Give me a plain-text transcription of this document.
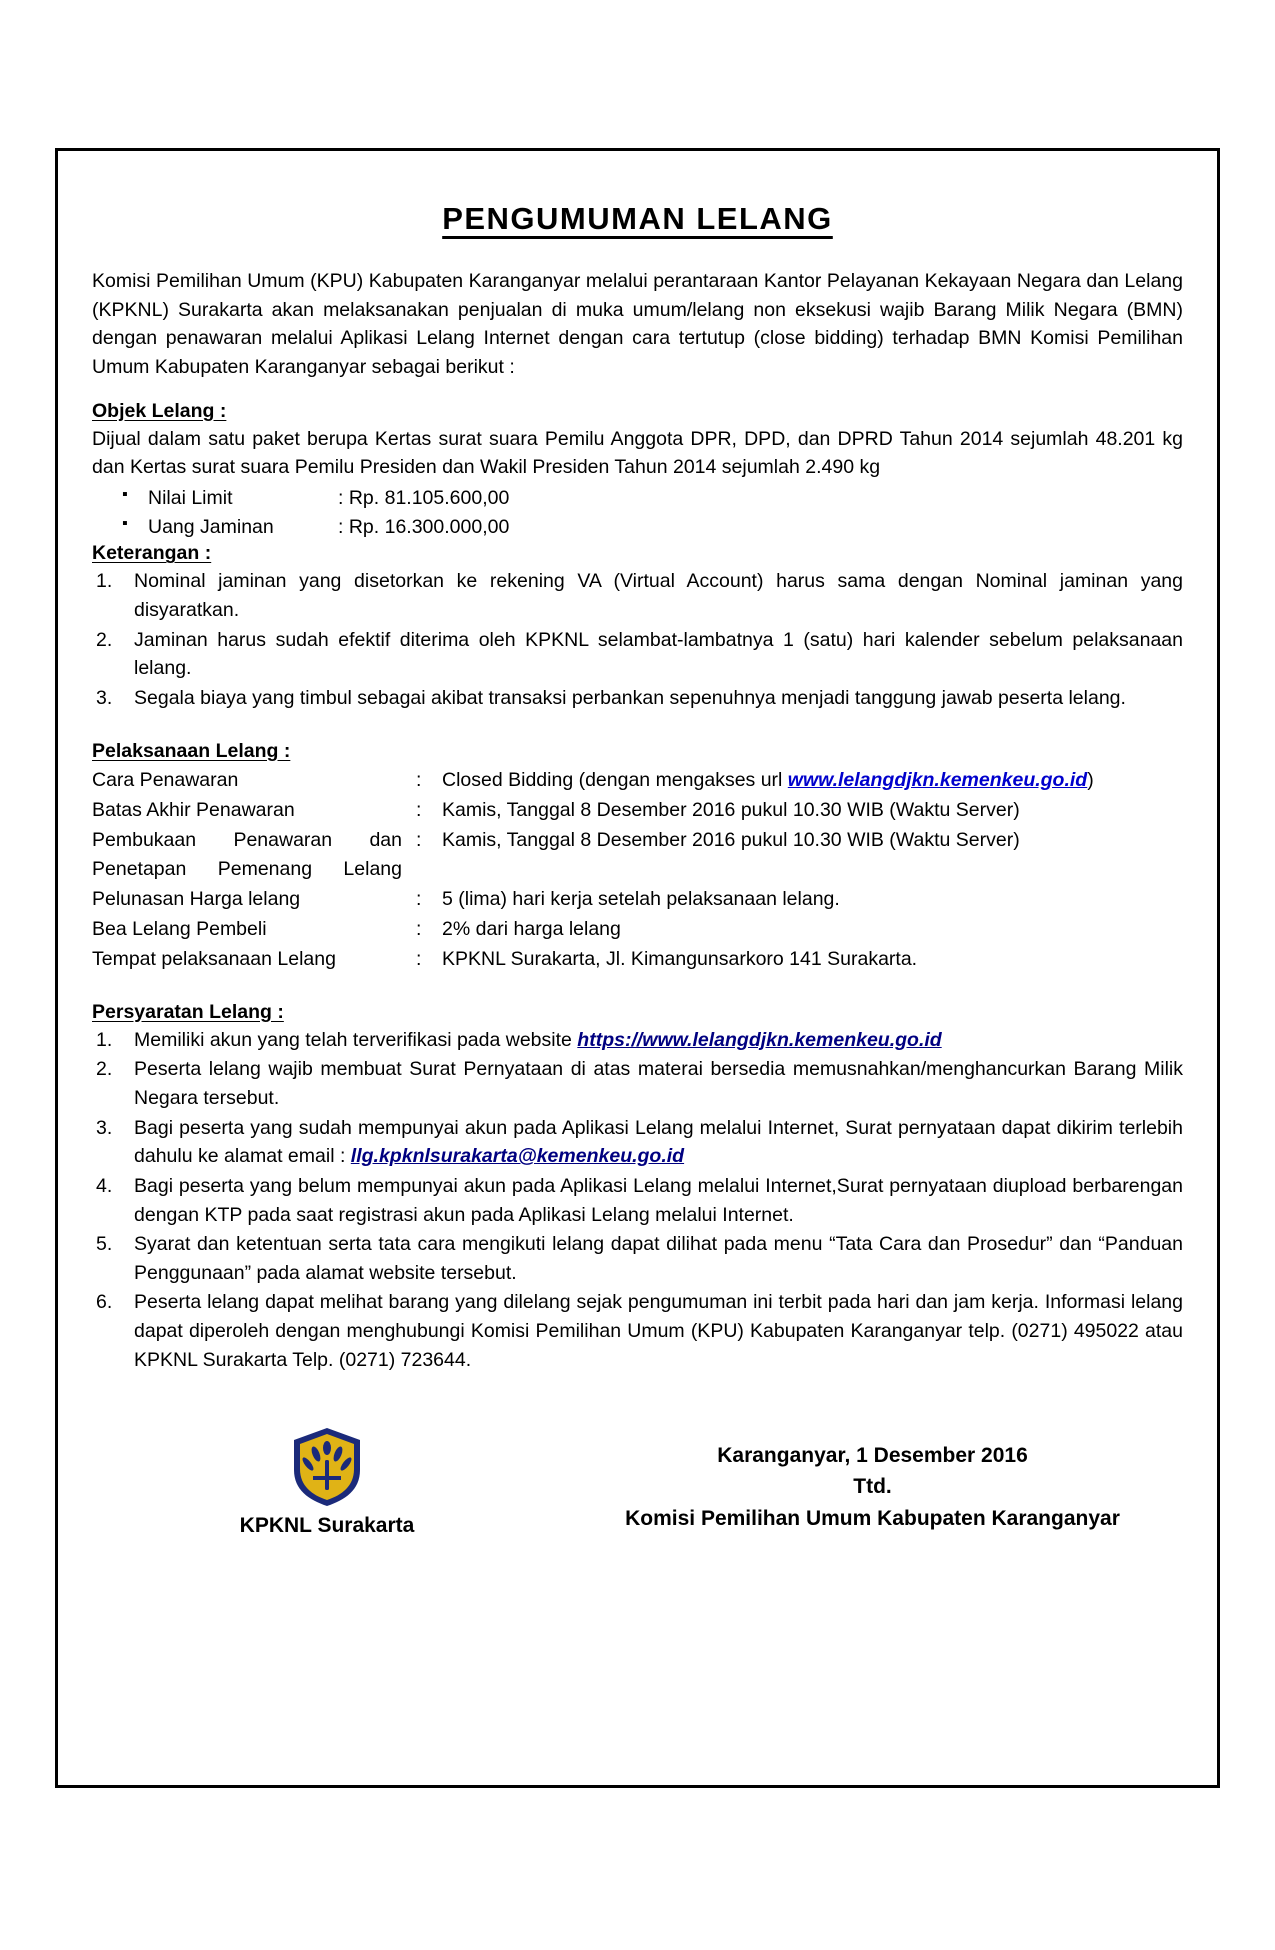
PENGUMUMAN LELANG

Komisi Pemilihan Umum (KPU) Kabupaten Karanganyar melalui perantaraan Kantor Pelayanan Kekayaan Negara dan Lelang (KPKNL) Surakarta akan melaksanakan penjualan di muka umum/lelang non eksekusi wajib Barang Milik Negara (BMN) dengan penawaran melalui Aplikasi Lelang Internet dengan cara tertutup (close bidding) terhadap BMN Komisi Pemilihan Umum Kabupaten Karanganyar sebagai berikut :

Objek Lelang :
Dijual dalam satu paket berupa Kertas surat suara Pemilu Anggota DPR, DPD, dan DPRD Tahun 2014 sejumlah 48.201 kg dan Kertas surat suara Pemilu Presiden dan Wakil Presiden Tahun 2014 sejumlah 2.490 kg
▪ Nilai Limit	: Rp. 81.105.600,00
▪ Uang Jaminan	: Rp. 16.300.000,00
Keterangan :
Nominal jaminan yang disetorkan ke rekening VA (Virtual Account) harus sama dengan Nominal jaminan yang disyaratkan.
Jaminan harus sudah efektif diterima oleh KPKNL selambat-lambatnya 1 (satu) hari kalender sebelum pelaksanaan lelang.
Segala biaya yang timbul sebagai akibat transaksi perbankan sepenuhnya menjadi tanggung jawab peserta lelang.
Pelaksanaan Lelang :
Cara Penawaran	:	Closed Bidding (dengan mengakses url www.lelangdjkn.kemenkeu.go.id)
Batas Akhir Penawaran	:	Kamis, Tanggal 8 Desember 2016 pukul 10.30 WIB (Waktu Server)
Pembukaan Penawaran dan Penetapan Pemenang Lelang	:	Kamis, Tanggal 8 Desember 2016 pukul 10.30 WIB (Waktu Server)
Pelunasan Harga lelang	:	5 (lima) hari kerja setelah pelaksanaan lelang.
Bea Lelang Pembeli	:	2% dari harga lelang
Tempat pelaksanaan Lelang	:	KPKNL Surakarta, Jl. Kimangunsarkoro 141 Surakarta.
Persyaratan Lelang :
Memiliki akun yang telah terverifikasi pada website https://www.lelangdjkn.kemenkeu.go.id
Peserta lelang wajib membuat Surat Pernyataan di atas materai bersedia memusnahkan/menghancurkan Barang Milik Negara tersebut.
Bagi peserta yang sudah mempunyai akun pada Aplikasi Lelang melalui Internet, Surat pernyataan dapat dikirim terlebih dahulu ke alamat email : llg.kpknlsurakarta@kemenkeu.go.id
Bagi peserta yang belum mempunyai akun pada Aplikasi Lelang melalui Internet,Surat pernyataan diupload berbarengan dengan KTP pada saat registrasi akun pada Aplikasi Lelang melalui Internet.
Syarat dan ketentuan serta tata cara mengikuti lelang dapat dilihat pada menu “Tata Cara dan Prosedur” dan “Panduan Penggunaan” pada alamat website tersebut.
Peserta lelang dapat melihat barang yang dilelang sejak pengumuman ini terbit pada hari dan jam kerja. Informasi lelang dapat diperoleh dengan menghubungi Komisi Pemilihan Umum (KPU) Kabupaten Karanganyar telp. (0271) 495022 atau KPKNL Surakarta Telp. (0271) 723644.
KPKNL Surakarta
Karanganyar, 1 Desember 2016
Ttd.
Komisi Pemilihan Umum Kabupaten Karanganyar
